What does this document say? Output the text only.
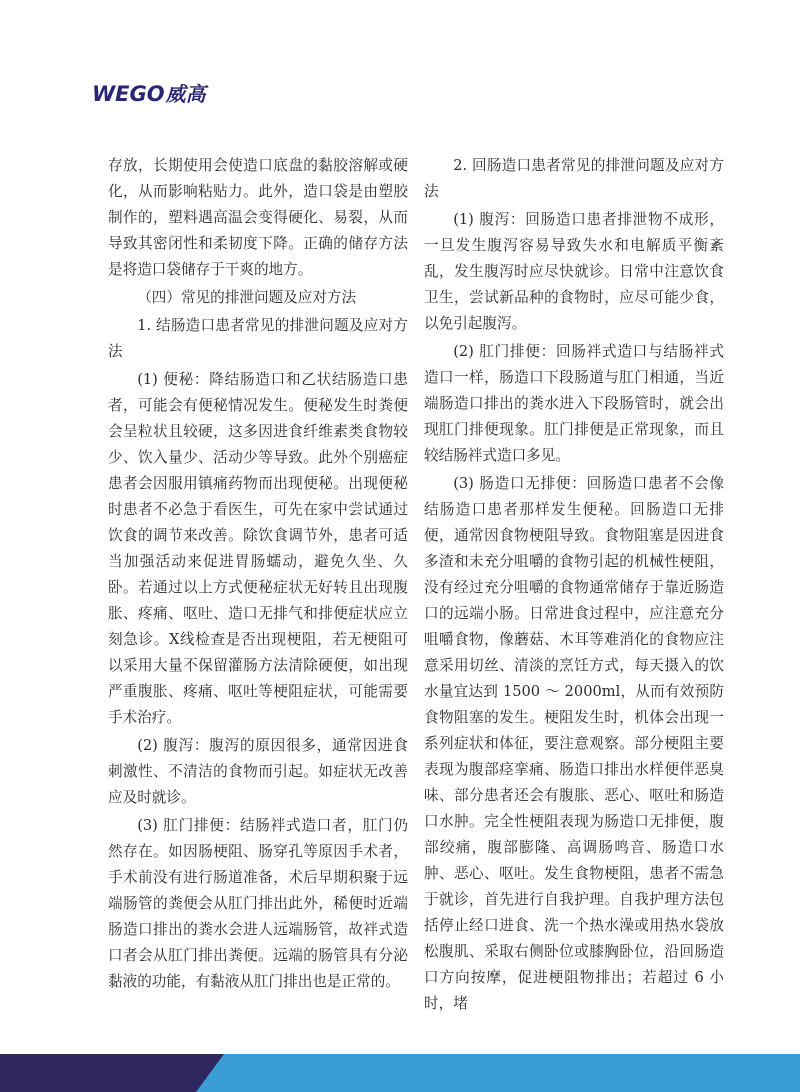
WEGO 威高

存放，长期使用会使造口底盘的黏胶溶解或硬化，从而影响粘贴力。此外，造口袋是由塑胶制作的，塑料遇高温会变得硬化、易裂，从而导致其密闭性和柔韧度下降。正确的储存方法是将造口袋储存于干爽的地方。

（四）常见的排泄问题及应对方法

1. 结肠造口患者常见的排泄问题及应对方法

(1) 便秘：降结肠造口和乙状结肠造口患者，可能会有便秘情况发生。便秘发生时粪便会呈粒状且较硬，这多因进食纤维素类食物较少、饮入量少、活动少等导致。此外个别癌症患者会因服用镇痛药物而出现便秘。出现便秘时患者不必急于看医生，可先在家中尝试通过饮食的调节来改善。除饮食调节外，患者可适当加强活动来促进胃肠蠕动，避免久坐、久卧。若通过以上方式便秘症状无好转且出现腹胀、疼痛、呕吐、造口无排气和排便症状应立刻急诊。X线检查是否出现梗阻，若无梗阻可以采用大量不保留灌肠方法清除硬便，如出现严重腹胀、疼痛、呕吐等梗阻症状，可能需要手术治疗。

(2) 腹泻：腹泻的原因很多，通常因进食刺激性、不清洁的食物而引起。如症状无改善应及时就诊。

(3) 肛门排便：结肠袢式造口者，肛门仍然存在。如因肠梗阻、肠穿孔等原因手术者，手术前没有进行肠道准备，术后早期积聚于远端肠管的粪便会从肛门排出此外，稀便时近端肠造口排出的粪水会进人远端肠管，故袢式造口者会从肛门排出粪便。远端的肠管具有分泌黏液的功能，有黏液从肛门排出也是正常的。

2. 回肠造口患者常见的排泄问题及应对方法

(1) 腹泻：回肠造口患者排泄物不成形，一旦发生腹泻容易导致失水和电解质平衡紊乱，发生腹泻时应尽快就诊。日常中注意饮食卫生，尝试新品种的食物时，应尽可能少食，以免引起腹泻。

(2) 肛门排便：回肠袢式造口与结肠袢式造口一样，肠造口下段肠道与肛门相通，当近端肠造口排出的粪水进入下段肠管时，就会出现肛门排便现象。肛门排便是正常现象，而且较结肠袢式造口多见。

(3) 肠造口无排便：回肠造口患者不会像结肠造口患者那样发生便秘。回肠造口无排便，通常因食物梗阻导致。食物阻塞是因进食多渣和未充分咀嚼的食物引起的机械性梗阻，没有经过充分咀嚼的食物通常储存于靠近肠造口的远端小肠。日常进食过程中，应注意充分咀嚼食物，像蘑菇、木耳等难消化的食物应注意采用切丝、清淡的烹饪方式，每天摄入的饮水量宜达到 1500 ～ 2000ml，从而有效预防食物阻塞的发生。梗阻发生时，机体会出现一系列症状和体征，要注意观察。部分梗阻主要表现为腹部痉挛痛、肠造口排出水样便伴恶臭味、部分患者还会有腹胀、恶心、呕吐和肠造口水肿。完全性梗阻表现为肠造口无排便，腹部绞痛，腹部膨隆、高调肠鸣音、肠造口水肿、恶心、呕吐。发生食物梗阻，患者不需急于就诊，首先进行自我护理。自我护理方法包括停止经口进食、洗一个热水澡或用热水袋放松腹肌、采取右侧卧位或膝胸卧位，沿回肠造口方向按摩，促进梗阻物排出；若超过 6 小时，堵
